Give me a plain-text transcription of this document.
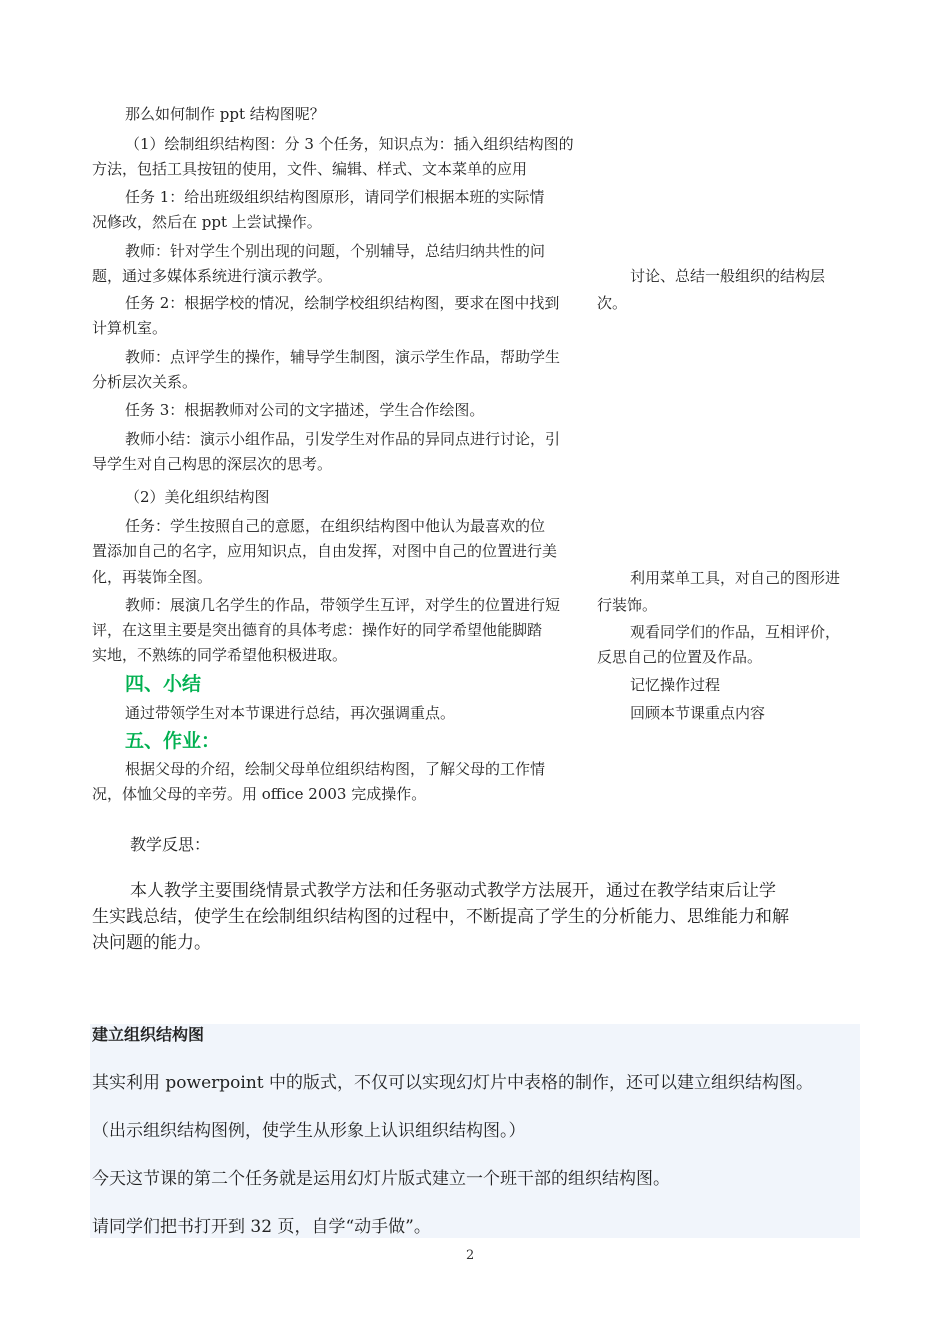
那么如何制作 ppt 结构图呢？
（1）绘制组织结构图：分 3 个任务，知识点为：插入组织结构图的
方法，包括工具按钮的使用，文件、编辑、样式、文本菜单的应用
任务 1：给出班级组织结构图原形，请同学们根据本班的实际情
况修改，然后在 ppt 上尝试操作。
教师：针对学生个别出现的问题，个别辅导，总结归纳共性的问
题，通过多媒体系统进行演示教学。
任务 2：根据学校的情况，绘制学校组织结构图，要求在图中找到
计算机室。
教师：点评学生的操作，辅导学生制图，演示学生作品，帮助学生
分析层次关系。
任务 3：根据教师对公司的文字描述，学生合作绘图。
教师小结：演示小组作品，引发学生对作品的异同点进行讨论，引
导学生对自己构思的深层次的思考。
（2）美化组织结构图
任务：学生按照自己的意愿，在组织结构图中他认为最喜欢的位
置添加自己的名字，应用知识点，自由发挥，对图中自己的位置进行美
化，再装饰全图。
教师：展演几名学生的作品，带领学生互评，对学生的位置进行短
评，在这里主要是突出德育的具体考虑：操作好的同学希望他能脚踏
实地，不熟练的同学希望他积极进取。
四、小结
通过带领学生对本节课进行总结，再次强调重点。
五、作业：
根据父母的介绍，绘制父母单位组织结构图，了解父母的工作情
况，体恤父母的辛劳。用 office 2003 完成操作。
讨论、总结一般组织的结构层
次。
利用菜单工具，对自己的图形进
行装饰。
观看同学们的作品，互相评价，
反思自己的位置及作品。
记忆操作过程
回顾本节课重点内容
教学反思：
本人教学主要围绕情景式教学方法和任务驱动式教学方法展开，通过在教学结束后让学
生实践总结，使学生在绘制组织结构图的过程中，不断提高了学生的分析能力、思维能力和解
决问题的能力。
建立组织结构图
其实利用 powerpoint 中的版式，不仅可以实现幻灯片中表格的制作，还可以建立组织结构图。
（出示组织结构图例，使学生从形象上认识组织结构图。）
今天这节课的第二个任务就是运用幻灯片版式建立一个班干部的组织结构图。
请同学们把书打开到 32 页，自学“动手做”。
2
